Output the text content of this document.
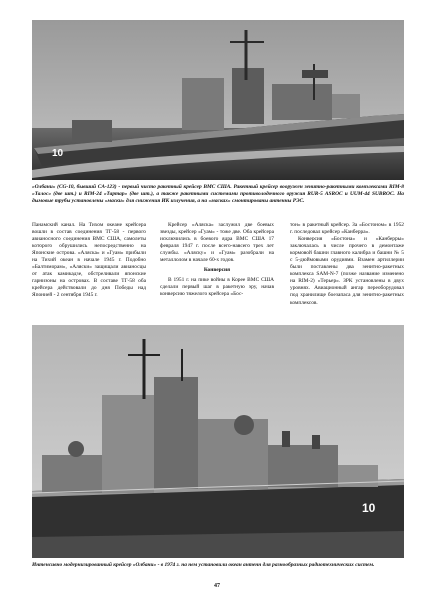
10

«Олбани» (CG-10, бывший CA-123) - первый чисто ракетный крейсер ВМС США. Ракетный крейсер вооружен зенитно-ракетными комплексами RIM-8 «Талос» (две шт.) и RIM-24 «Тартар» (две шт.), а также ракетными системами противолодочного оружия RUR-5 ASROC и UUM-44 SUBROC. На дымовые трубы установлены «маски» для снижения ИК излучения, а на «масках» смонтированы антенны РЭС.

Панамский канал. На Тихом океане крейсера вошли в состав соединения ТГ-58 - первого авианосного соединения ВМС США, самолеты которого обрушились непосредственно на Японские острова. «Аляска» и «Гуам» прибыли на Тихий океан в начале 1945 г. Подобно «Балтиморам», «Аляски» защищали авианосцы от атак камикадзе, обстреливали японские гарнизоны на островах. В составе ТГ-58 оба крейсера действовали до дня Победы над Японией - 2 сентября 1945 г.

Крейсер «Аляска» заслужил две боевых звезды, крейсер «Гуам» - тоже две. Оба крейсера исключились в боевого ядра ВМС США 17 февраля 1947 г. после всего-навсего трех лет службы. «Аляску» и «Гуам» разобрали на металлолом в начале 60-х годов.

Конверсия

В 1951 г. на пике войны в Корее ВМС США сделали первый шаг в ракетную эру, начав конверсию тяжелого крейсера «Бос-

тон» в ракетный крейсер. За «Бостоном» в 1952 г. последовал крейсер «Канберра».

Конверсия «Бостона» и «Канберры» заключалась в числе прочего в демонтаже кормовой башни главного калибра и башни № 5 с 5-дюймовыми орудиями. Взамен артиллерии были поставлены два зенитно-ракетных комплекса SAM-N-7 (позже название изменено на RIM-2) «Терьер». ЗРК установлены в двух уровнях. Авиационный ангар переоборудовал под хранилище боезапаса для зенитно-ракетных комплексов.

10

Интенсивно модернизированный крейсер «Олбани» - в 1974 г. на нем установили океан антенн для разнообразных радиотехнических систем.

47
